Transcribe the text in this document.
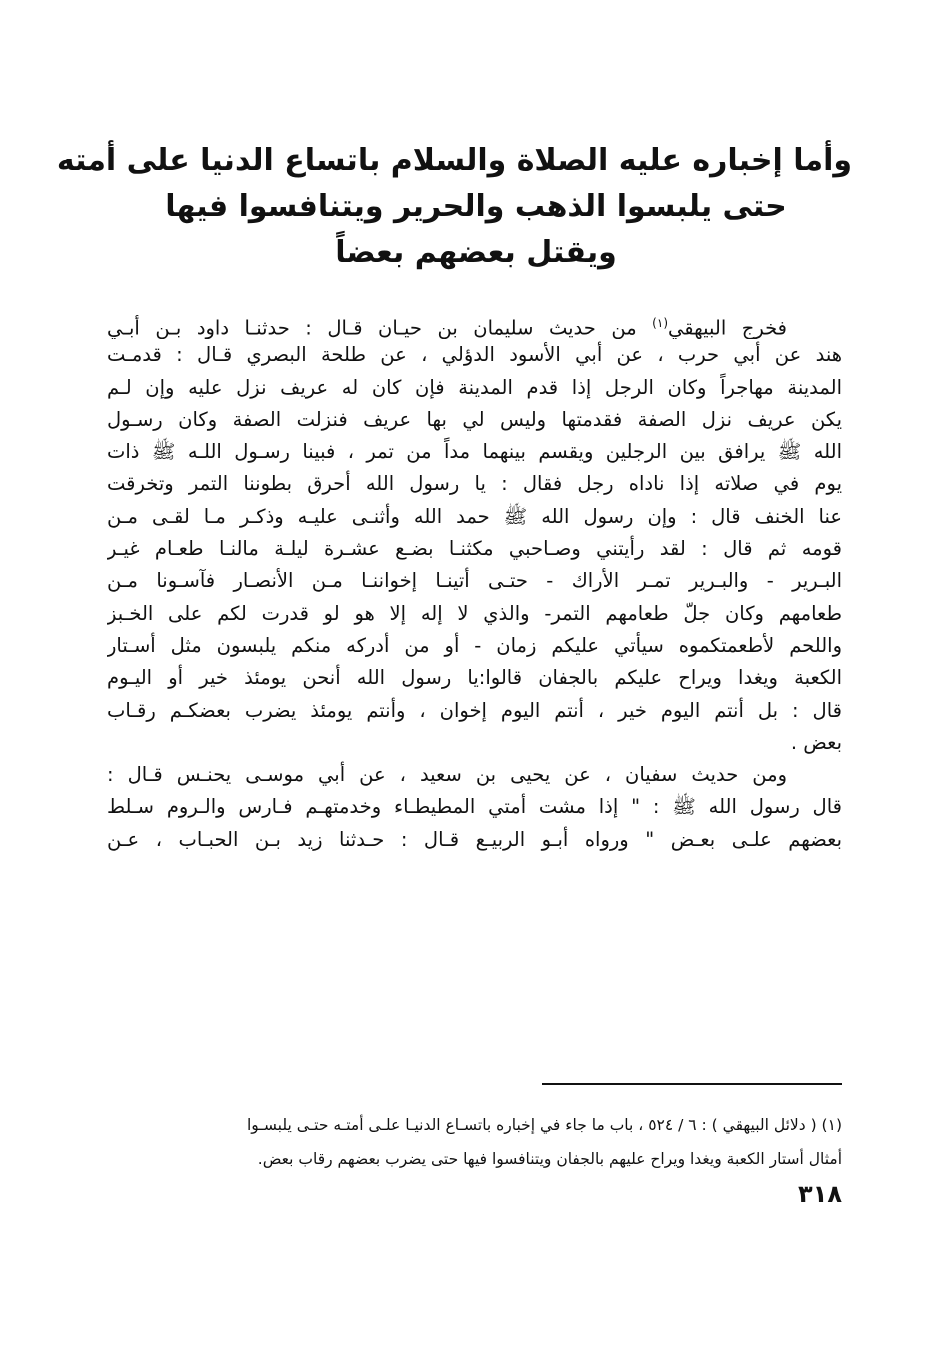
وأما إخباره عليه الصلاة والسلام باتساع الدنيا على أمته
حتى يلبسوا الذهب والحرير ويتنافسوا فيها
ويقتل بعضهم بعضاً
فخرج البيهقي$^{(١)}$ من حديث سليمان بن حيـان قـال : حدثنـا داود بـن أبـي
هند عن أبي حرب ، عن أبي الأسود الدؤلي ، عن طلحة البصري قـال : قدمـت
المدينة مهاجراً وكان الرجل إذا قدم المدينة فإن كان له عريف نزل عليه وإن لـم
يكن عريف نزل الصفة فقدمتها وليس لي بها عريف فنزلت الصفة وكان رسـول
الله ﷺ يرافق بين الرجلين ويقسم بينهما مداً من تمر ، فبينا رسـول اللـه ﷺ ذات
يوم في صلاته إذا ناداه رجل فقال : يا رسول الله أحرق بطوننا التمر وتخرقت
عنا الخنف قال : وإن رسول الله ﷺ حمد الله وأثنـى عليـه وذكـر مـا لقـى مـن
قومه ثم قال : لقد رأيتني وصـاحبي مكثنـا بضـع عشـرة ليلـة مالنـا طعـام غيـر
البـرير - والبـرير تمـر الأراك - حتـى أتينـا إخواننـا مـن الأنصـار فآسـونا مـن
طعامهم وكان جلّ طعامهم التمر- والذي لا إله إلا هو لو قدرت لكم على الخـبز
واللحم لأطعمتكموه سيأتي عليكم زمان - أو من أدركه منكم يلبسون مثل أسـتار
الكعبة ويغدا ويراح عليكم بالجفان قالوا:يا رسول الله أنحن يومئذ خير أو اليـوم
قال : بل أنتم اليوم خير ، أنتم اليوم إخوان ، وأنتم يومئذ يضرب بعضكـم رقـاب
بعض .
ومن حديث سفيان ، عن يحيى بن سعيد ، عن أبي موسـى يحنـس قـال :
قال رسول الله ﷺ : " إذا مشت أمتي المطيطـاء وخدمتهـم فـارس والـروم سـلط
بعضهم علـى بعـض " ورواه أبـو الربيـع قـال : حـدثنا زيد بـن الحبـاب ، عـن
(١) ( دلائل البيهقي ) : ٦ / ٥٢٤ ، باب ما جاء في إخباره باتسـاع الدنيـا علـى أمتـه حتـى يلبسـوا
أمثال أستار الكعبة ويغدا ويراح عليهم بالجفان ويتنافسوا فيها حتى يضرب بعضهم رقاب بعض.
٣١٨
